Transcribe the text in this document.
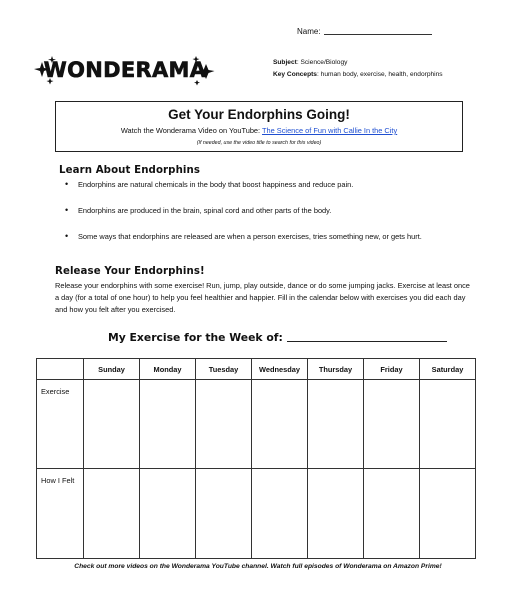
Name:
WONDERAMA	Subject: Science/Biology
Key Concepts: human body, exercise, health, endorphins
Get Your Endorphins Going!
Watch the Wonderama Video on YouTube: The Science of Fun with Callie In the City
(If needed, use the video title to search for this video)
Learn About Endorphins
• Endorphins are natural chemicals in the body that boost happiness and reduce pain.
• Endorphins are produced in the brain, spinal cord and other parts of the body.
• Some ways that endorphins are released are when a person exercises, tries something new, or gets hurt.
Release Your Endorphins!
Release your endorphins with some exercise! Run, jump, play outside, dance or do some jumping jacks. Exercise at least once a day (for a total of one hour) to help you feel healthier and happier. Fill in the calendar below with exercises you did each day and how you felt after you exercised.
My Exercise for the Week of:
	Sunday	Monday	Tuesday	Wednesday	Thursday	Friday	Saturday
Exercise							
How I Felt							
Check out more videos on the Wonderama YouTube channel. Watch full episodes of Wonderama on Amazon Prime!
